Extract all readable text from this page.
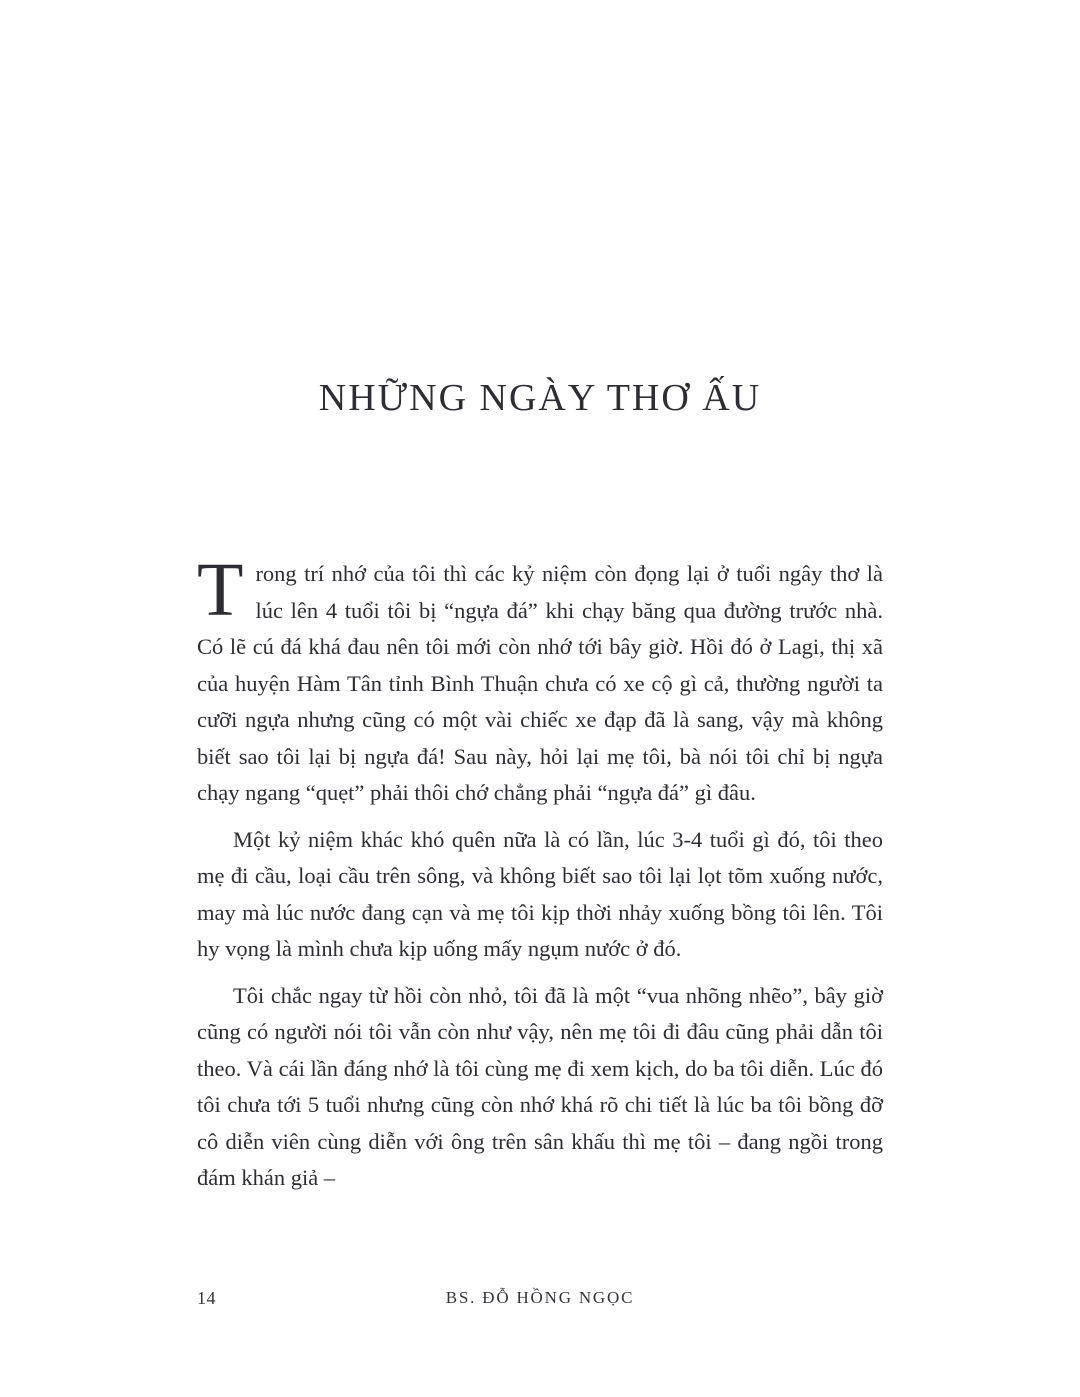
NHỮNG NGÀY THƠ ẤU

Trong trí nhớ của tôi thì các kỷ niệm còn đọng lại ở tuổi ngây thơ là lúc lên 4 tuổi tôi bị “ngựa đá” khi chạy băng qua đường trước nhà. Có lẽ cú đá khá đau nên tôi mới còn nhớ tới bây giờ. Hồi đó ở Lagi, thị xã của huyện Hàm Tân tỉnh Bình Thuận chưa có xe cộ gì cả, thường người ta cưỡi ngựa nhưng cũng có một vài chiếc xe đạp đã là sang, vậy mà không biết sao tôi lại bị ngựa đá! Sau này, hỏi lại mẹ tôi, bà nói tôi chỉ bị ngựa chạy ngang “quẹt” phải thôi chớ chẳng phải “ngựa đá” gì đâu.

Một kỷ niệm khác khó quên nữa là có lần, lúc 3-4 tuổi gì đó, tôi theo mẹ đi cầu, loại cầu trên sông, và không biết sao tôi lại lọt tõm xuống nước, may mà lúc nước đang cạn và mẹ tôi kịp thời nhảy xuống bồng tôi lên. Tôi hy vọng là mình chưa kịp uống mấy ngụm nước ở đó.

Tôi chắc ngay từ hồi còn nhỏ, tôi đã là một “vua nhõng nhẽo”, bây giờ cũng có người nói tôi vẫn còn như vậy, nên mẹ tôi đi đâu cũng phải dẫn tôi theo. Và cái lần đáng nhớ là tôi cùng mẹ đi xem kịch, do ba tôi diễn. Lúc đó tôi chưa tới 5 tuổi nhưng cũng còn nhớ khá rõ chi tiết là lúc ba tôi bồng đỡ cô diễn viên cùng diễn với ông trên sân khấu thì mẹ tôi – đang ngồi trong đám khán giả –

14	BS. ĐỖ HỒNG NGỌC
